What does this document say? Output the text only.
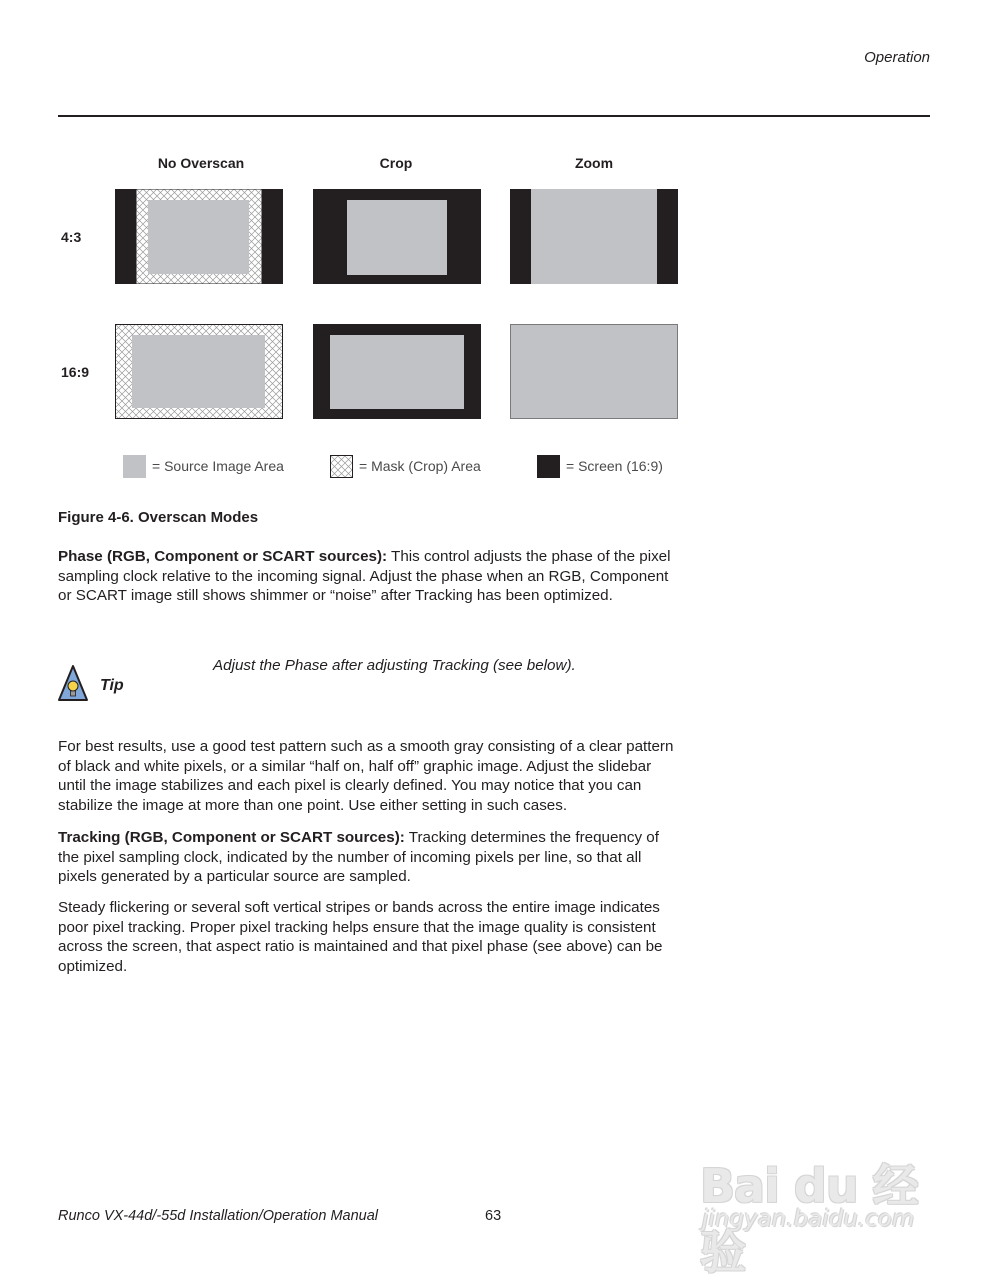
Operation
No Overscan	Crop	Zoom
4:3
16:9
= Source Image Area	= Mask (Crop) Area	= Screen (16:9)
Figure 4-6. Overscan Modes
Phase (RGB, Component or SCART sources): This control adjusts the phase of the pixel sampling clock relative to the incoming signal. Adjust the phase when an RGB, Component or SCART image still shows shimmer or “noise” after Tracking has been optimized.
Tip
Adjust the Phase after adjusting Tracking (see below).
For best results, use a good test pattern such as a smooth gray consisting of a clear pattern of black and white pixels, or a similar “half on, half off” graphic image. Adjust the slidebar until the image stabilizes and each pixel is clearly defined. You may notice that you can stabilize the image at more than one point. Use either setting in such cases.
Tracking (RGB, Component or SCART sources): Tracking determines the frequency of the pixel sampling clock, indicated by the number of incoming pixels per line, so that all pixels generated by a particular source are sampled.
Steady flickering or several soft vertical stripes or bands across the entire image indicates poor pixel tracking. Proper pixel tracking helps ensure that the image quality is consistent across the screen, that aspect ratio is maintained and that pixel phase (see above) can be optimized.
Runco VX-44d/-55d Installation/Operation Manual	63
Bai du 经验
jingyan.baidu.com
